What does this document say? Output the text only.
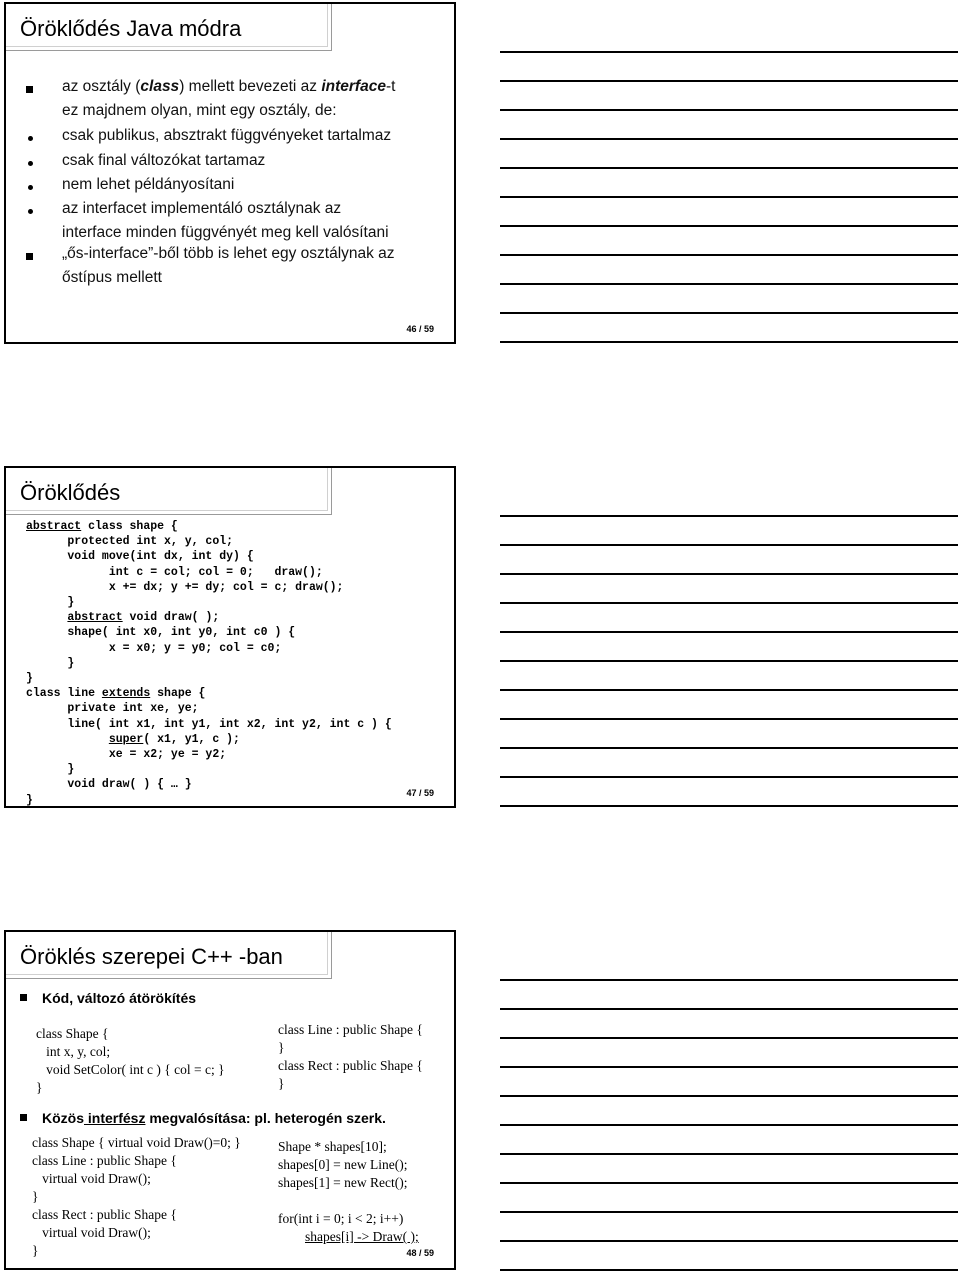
Öröklődés Java módra
az osztály (class) mellett bevezeti az interface-t
ez majdnem olyan, mint egy osztály, de:
csak publikus, absztrakt függvényeket tartalmaz
csak final változókat tartamaz
nem lehet példányosítani
az interfacet implementáló osztálynak az
interface minden függvényét meg kell valósítani
„ős-interface”-ből több is lehet egy osztálynak az
őstípus mellett
46 / 59
Öröklődés
abstract class shape {
protected int x, y, col;
void move(int dx, int dy) {
int c = col; col = 0;   draw();
x += dx; y += dy; col = c; draw();
}
abstract void draw( );
shape( int x0, int y0, int c0 ) {
x = x0; y = y0; col = c0;
}
}
class line extends shape {
private int xe, ye;
line( int x1, int y1, int x2, int y2, int c ) {
super( x1, y1, c );
xe = x2; ye = y2;
}
void draw( ) { … }
}
47 / 59
Öröklés szerepei C++ -ban
Kód, változó átörökítés
class Shape {
int x, y, col;
void SetColor( int c ) { col = c; }
}
class Line : public Shape {
}
class Rect : public Shape {
}
Közös interfész megvalósítása: pl. heterogén szerk.
class Shape { virtual void Draw()=0; }
class Line : public Shape {
virtual void Draw();
}
class Rect : public Shape {
virtual void Draw();
}
Shape * shapes[10];
shapes[0] = new Line();
shapes[1] = new Rect();

for(int i = 0; i < 2; i++)
shapes[i] -> Draw( );
48 / 59
